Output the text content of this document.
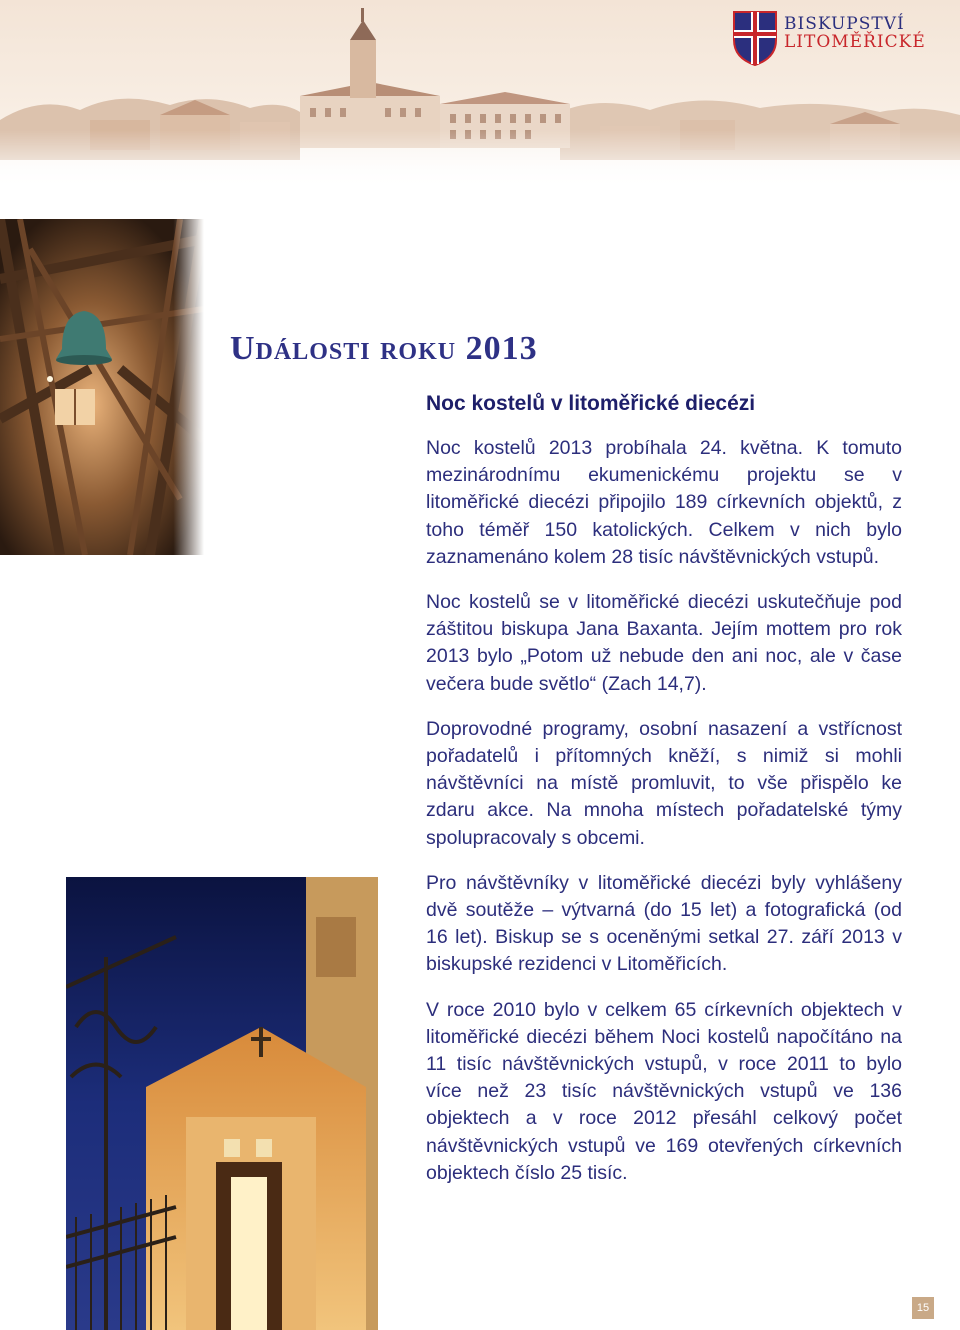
BISKUPSTVÍ
LITOMĚŘICKÉ
Události roku 2013
Noc kostelů v litoměřické diecézi

Noc kostelů 2013 probíhala 24. května. K tomuto mezinárodnímu ekumenickému projektu se v litoměřické diecézi připojilo 189 církevních objektů, z toho téměř 150 katolických. Celkem v nich bylo zaznamenáno kolem 28 tisíc návštěvnických vstupů.

Noc kostelů se v litoměřické diecézi uskutečňuje pod záštitou biskupa Jana Baxanta. Jejím mottem pro rok 2013 bylo „Potom už nebude den ani noc, ale v čase večera bude světlo“ (Zach 14,7).

Doprovodné programy, osobní nasazení a vstřícnost pořadatelů i přítomných kněží, s nimiž si mohli návštěvníci na místě promluvit, to vše přispělo ke zdaru akce. Na mnoha místech pořadatelské týmy spolupracovaly s obcemi.

Pro návštěvníky v litoměřické diecézi byly vyhlášeny dvě soutěže – výtvarná (do 15 let) a fotografická (od 16 let). Biskup se s oceněnými setkal 27. září 2013 v biskupské rezidenci v Litoměřicích.

V roce 2010 bylo v celkem 65 církevních objektech v litoměřické diecézi během Noci kostelů napočítáno na 11 tisíc návštěvnických vstupů, v roce 2011 to bylo více než 23 tisíc návštěvnických vstupů ve 136 objektech a v roce 2012 přesáhl celkový počet návštěvnických vstupů ve 169 otevřených církevních objektech číslo 25 tisíc.

15
